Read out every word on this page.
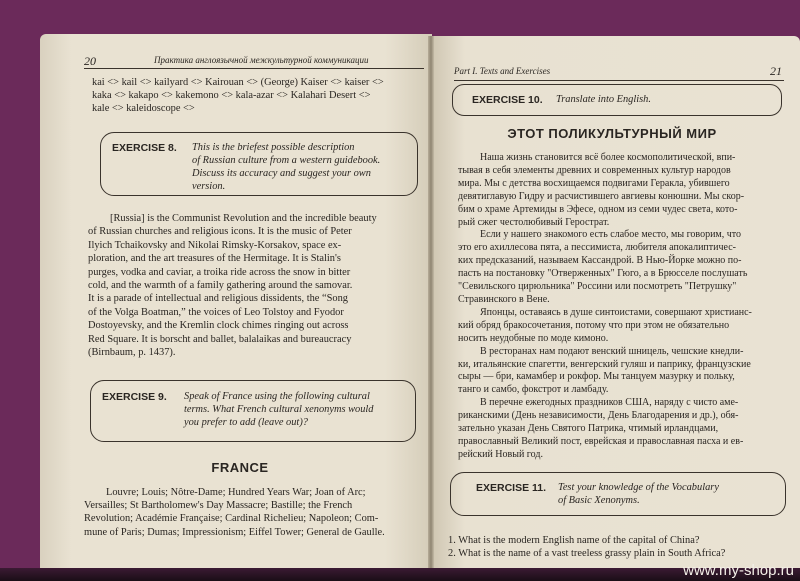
20	Практика англоязычной межкультурной коммуникации
kai <> kail <> kailyard <> Kairouan <> (George) Kaiser <> kaiser <>
kaka <> kakapo <> kakemono <> kala-azar <> Kalahari Desert <>
kale <> kaleidoscope <>
EXERCISE 8. This is the briefest possible description
of Russian culture from a western guidebook.
Discuss its accuracy and suggest your own
version.
[Russia] is the Communist Revolution and the incredible beauty
of Russian churches and religious icons. It is the music of Peter
Ilyich Tchaikovsky and Nikolai Rimsky-Korsakov, space ex-
ploration, and the art treasures of the Hermitage. It is Stalin's
purges, vodka and caviar, a troika ride across the snow in bitter
cold, and the warmth of a family gathering around the samovar.
It is a parade of intellectual and religious dissidents, the “Song
of the Volga Boatman,” the voices of Leo Tolstoy and Fyodor
Dostoyevsky, and the Kremlin clock chimes ringing out across
Red Square. It is borscht and ballet, balalaikas and bureaucracy
(Birnbaum, p. 1437).
EXERCISE 9. Speak of France using the following cultural
terms. What French cultural xenonyms would
you prefer to add (leave out)?
FRANCE
Louvre; Louis; Nôtre-Dame; Hundred Years War; Joan of Arc;
Versailles; St Bartholomew's Day Massacre; Bastille; the French
Revolution; Académie Française; Cardinal Richelieu; Napoleon; Com-
mune of Paris; Dumas; Impressionism; Eiffel Tower; General de Gaulle.
Part I. Texts and Exercises	21
EXERCISE 10. Translate into English.
ЭТОТ ПОЛИКУЛЬТУРНЫЙ МИР
Наша жизнь становится всё более космополитической, впи-
тывая в себя элементы древних и современных культур народов
мира. Мы с детства восхищаемся подвигами Геракла, убившего
девятиглавую Гидру и расчистившего авгиевы конюшни. Мы скор-
бим о храме Артемиды в Эфесе, одном из семи чудес света, кото-
рый сжег честолюбивый Герострат.
Если у нашего знакомого есть слабое место, мы говорим, что
это его ахиллесова пята, а пессимиста, любителя апокалиптичес-
ких предсказаний, называем Кассандрой. В Нью-Йорке можно по-
пасть на постановку "Отверженных" Гюго, а в Брюсселе послушать
"Севильского цирюльника" Россини или посмотреть "Петрушку"
Стравинского в Вене.
Японцы, оставаясь в душе синтоистами, совершают христианс-
кий обряд бракосочетания, потому что при этом не обязательно
носить неудобные по моде кимоно.
В ресторанах нам подают венский шницель, чешские кнедли-
ки, итальянские спагетти, венгерский гуляш и паприку, французские
сыры — бри, камамбер и рокфор. Мы танцуем мазурку и польку,
танго и самбо, фокстрот и ламбаду.
В перечне ежегодных праздников США, наряду с чисто аме-
риканскими (День независимости, День Благодарения и др.), обя-
зательно указан День Святого Патрика, чтимый ирландцами,
православный Великий пост, еврейская и православная пасха и ев-
рейский Новый год.
EXERCISE 11. Test your knowledge of the Vocabulary
of Basic Xenonyms.
1. What is the modern English name of the capital of China?
2. What is the name of a vast treeless grassy plain in South Africa?
www.my-shop.ru
